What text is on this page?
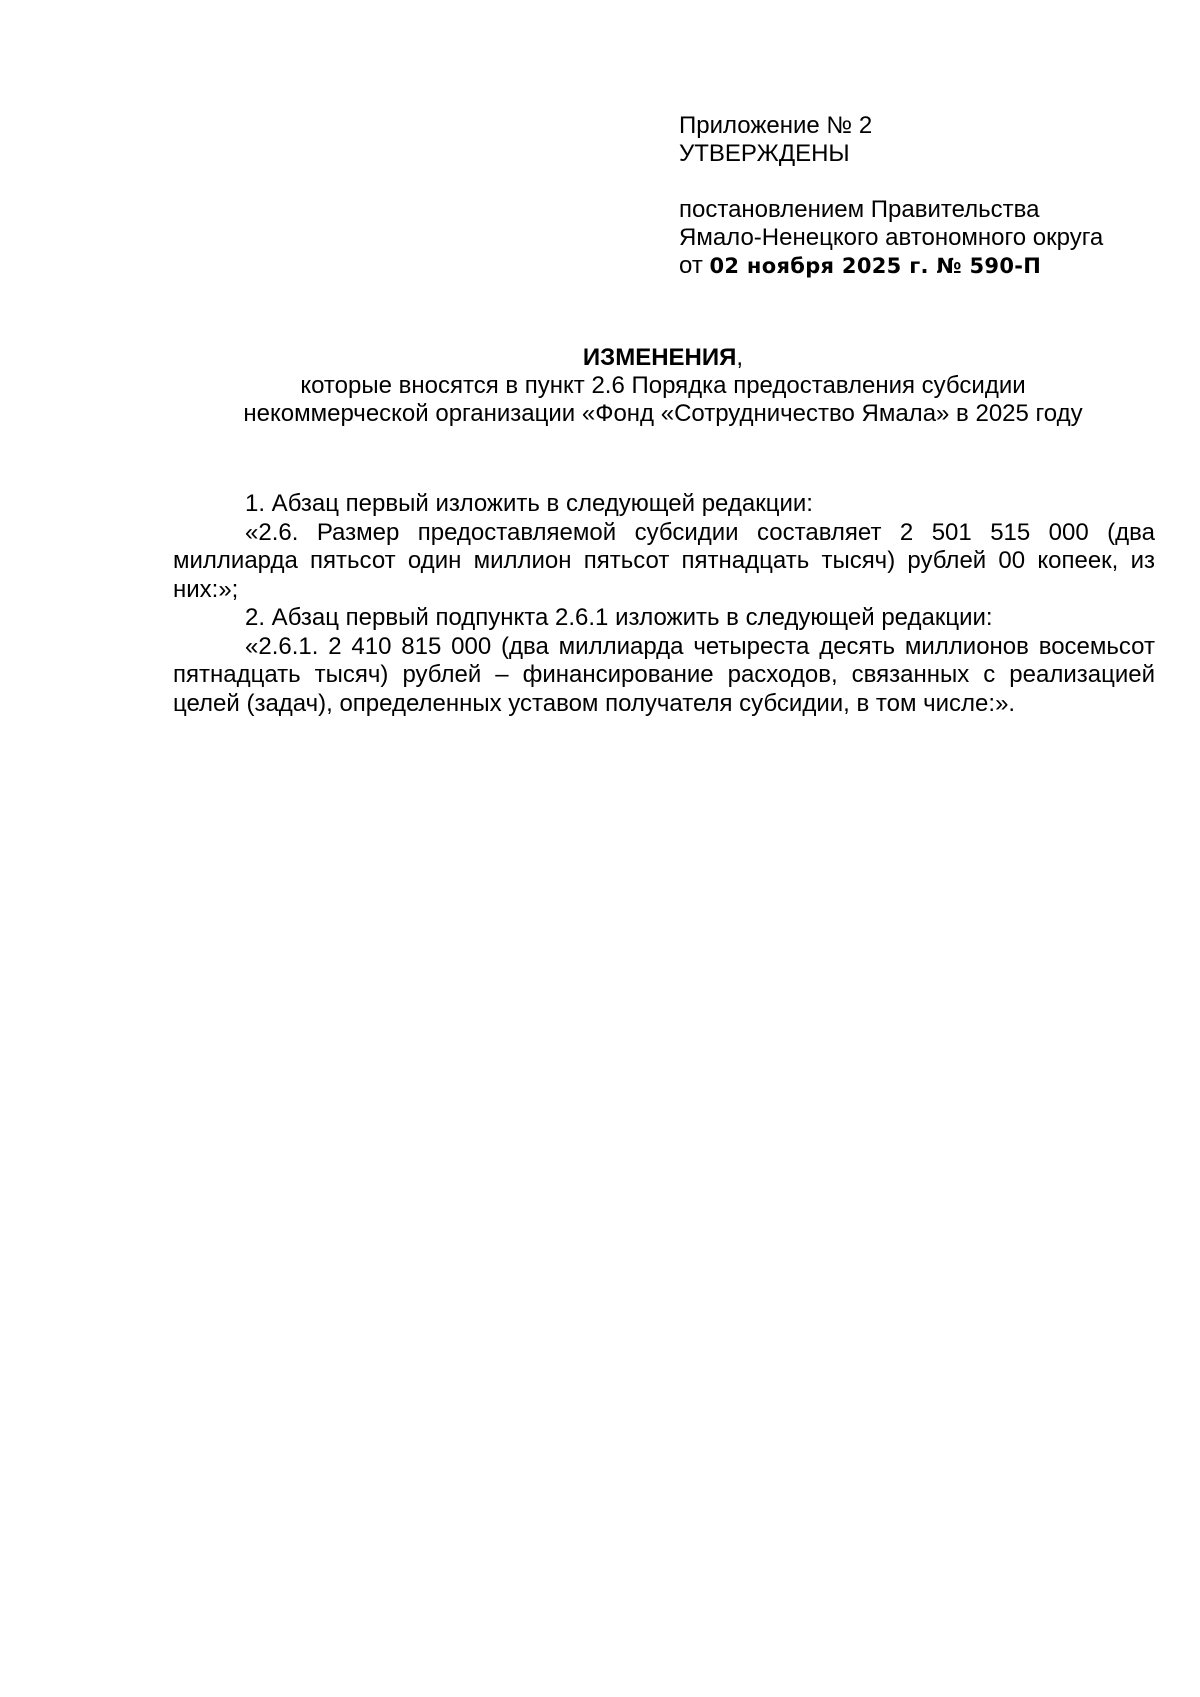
Приложение № 2
УТВЕРЖДЕНЫ
постановлением Правительства
Ямало-Ненецкого автономного округа
от 02 ноября 2025 г. № 590-П
ИЗМЕНЕНИЯ,
которые вносятся в пункт 2.6 Порядка предоставления субсидии
некоммерческой организации «Фонд «Сотрудничество Ямала» в 2025 году

1. Абзац первый изложить в следующей редакции:

«2.6. Размер предоставляемой субсидии составляет 2 501 515 000 (два миллиарда пятьсот один миллион пятьсот пятнадцать тысяч) рублей 00 копеек, из них:»;

2. Абзац первый подпункта 2.6.1 изложить в следующей редакции:

«2.6.1. 2 410 815 000 (два миллиарда четыреста десять миллионов восемьсот пятнадцать тысяч) рублей – финансирование расходов, связанных с реализацией целей (задач), определенных уставом получателя субсидии, в том числе:».
